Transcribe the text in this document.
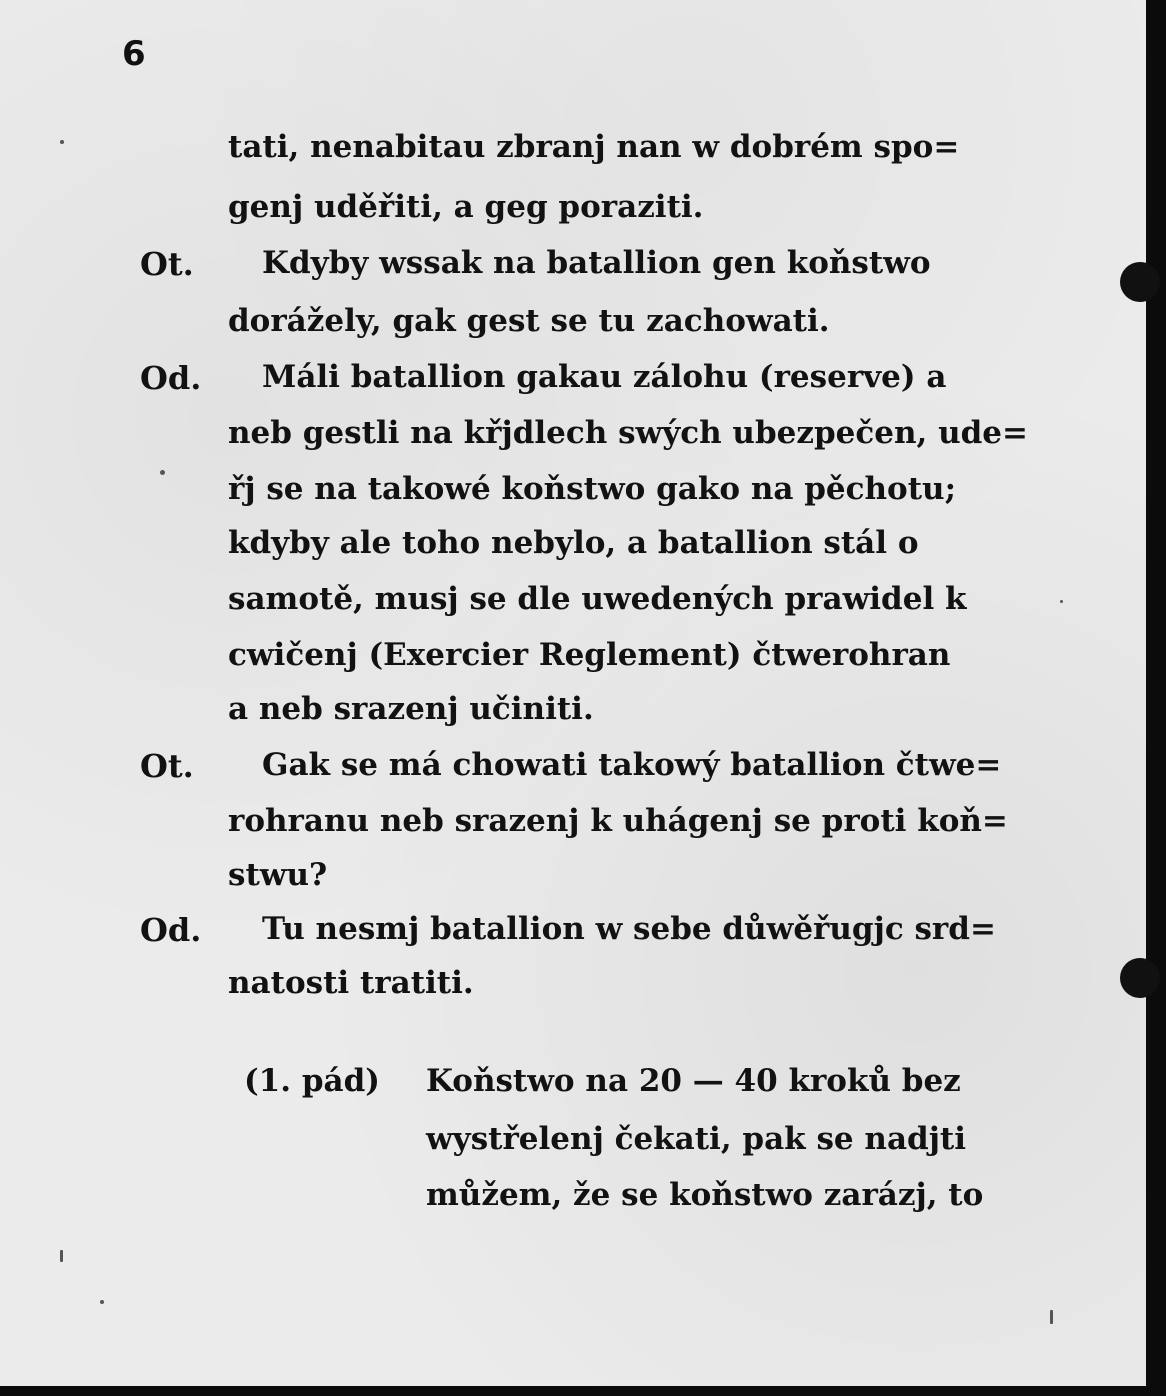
6
tati, nenabitau zbranj nan w dobrém spo=
genj uděřiti, a geg poraziti.
Ot. Kdyby wssak na batallion gen koňstwo
dorážely, gak gest se tu zachowati.
Od. Máli batallion gakau zálohu (reserve) a
neb gestli na křjdlech swých ubezpečen, ude=
řj se na takowé koňstwo gako na pěchotu;
kdyby ale toho nebylo, a batallion stál o
samotě, musj se dle uwedených prawidel k
cwičenj (Exercier Reglement) čtwerohran
a neb srazenj učiniti.
Ot. Gak se má chowati takowý batallion čtwe=
rohranu neb srazenj k uhágenj se proti koň=
stwu?
Od. Tu nesmj batallion w sebe důwěřugjc srd=
natosti tratiti.
(1. pád) Koňstwo na 20 — 40 kroků bez
wystřelenj čekati, pak se nadjti
můžem, že se koňstwo zarázj, to
